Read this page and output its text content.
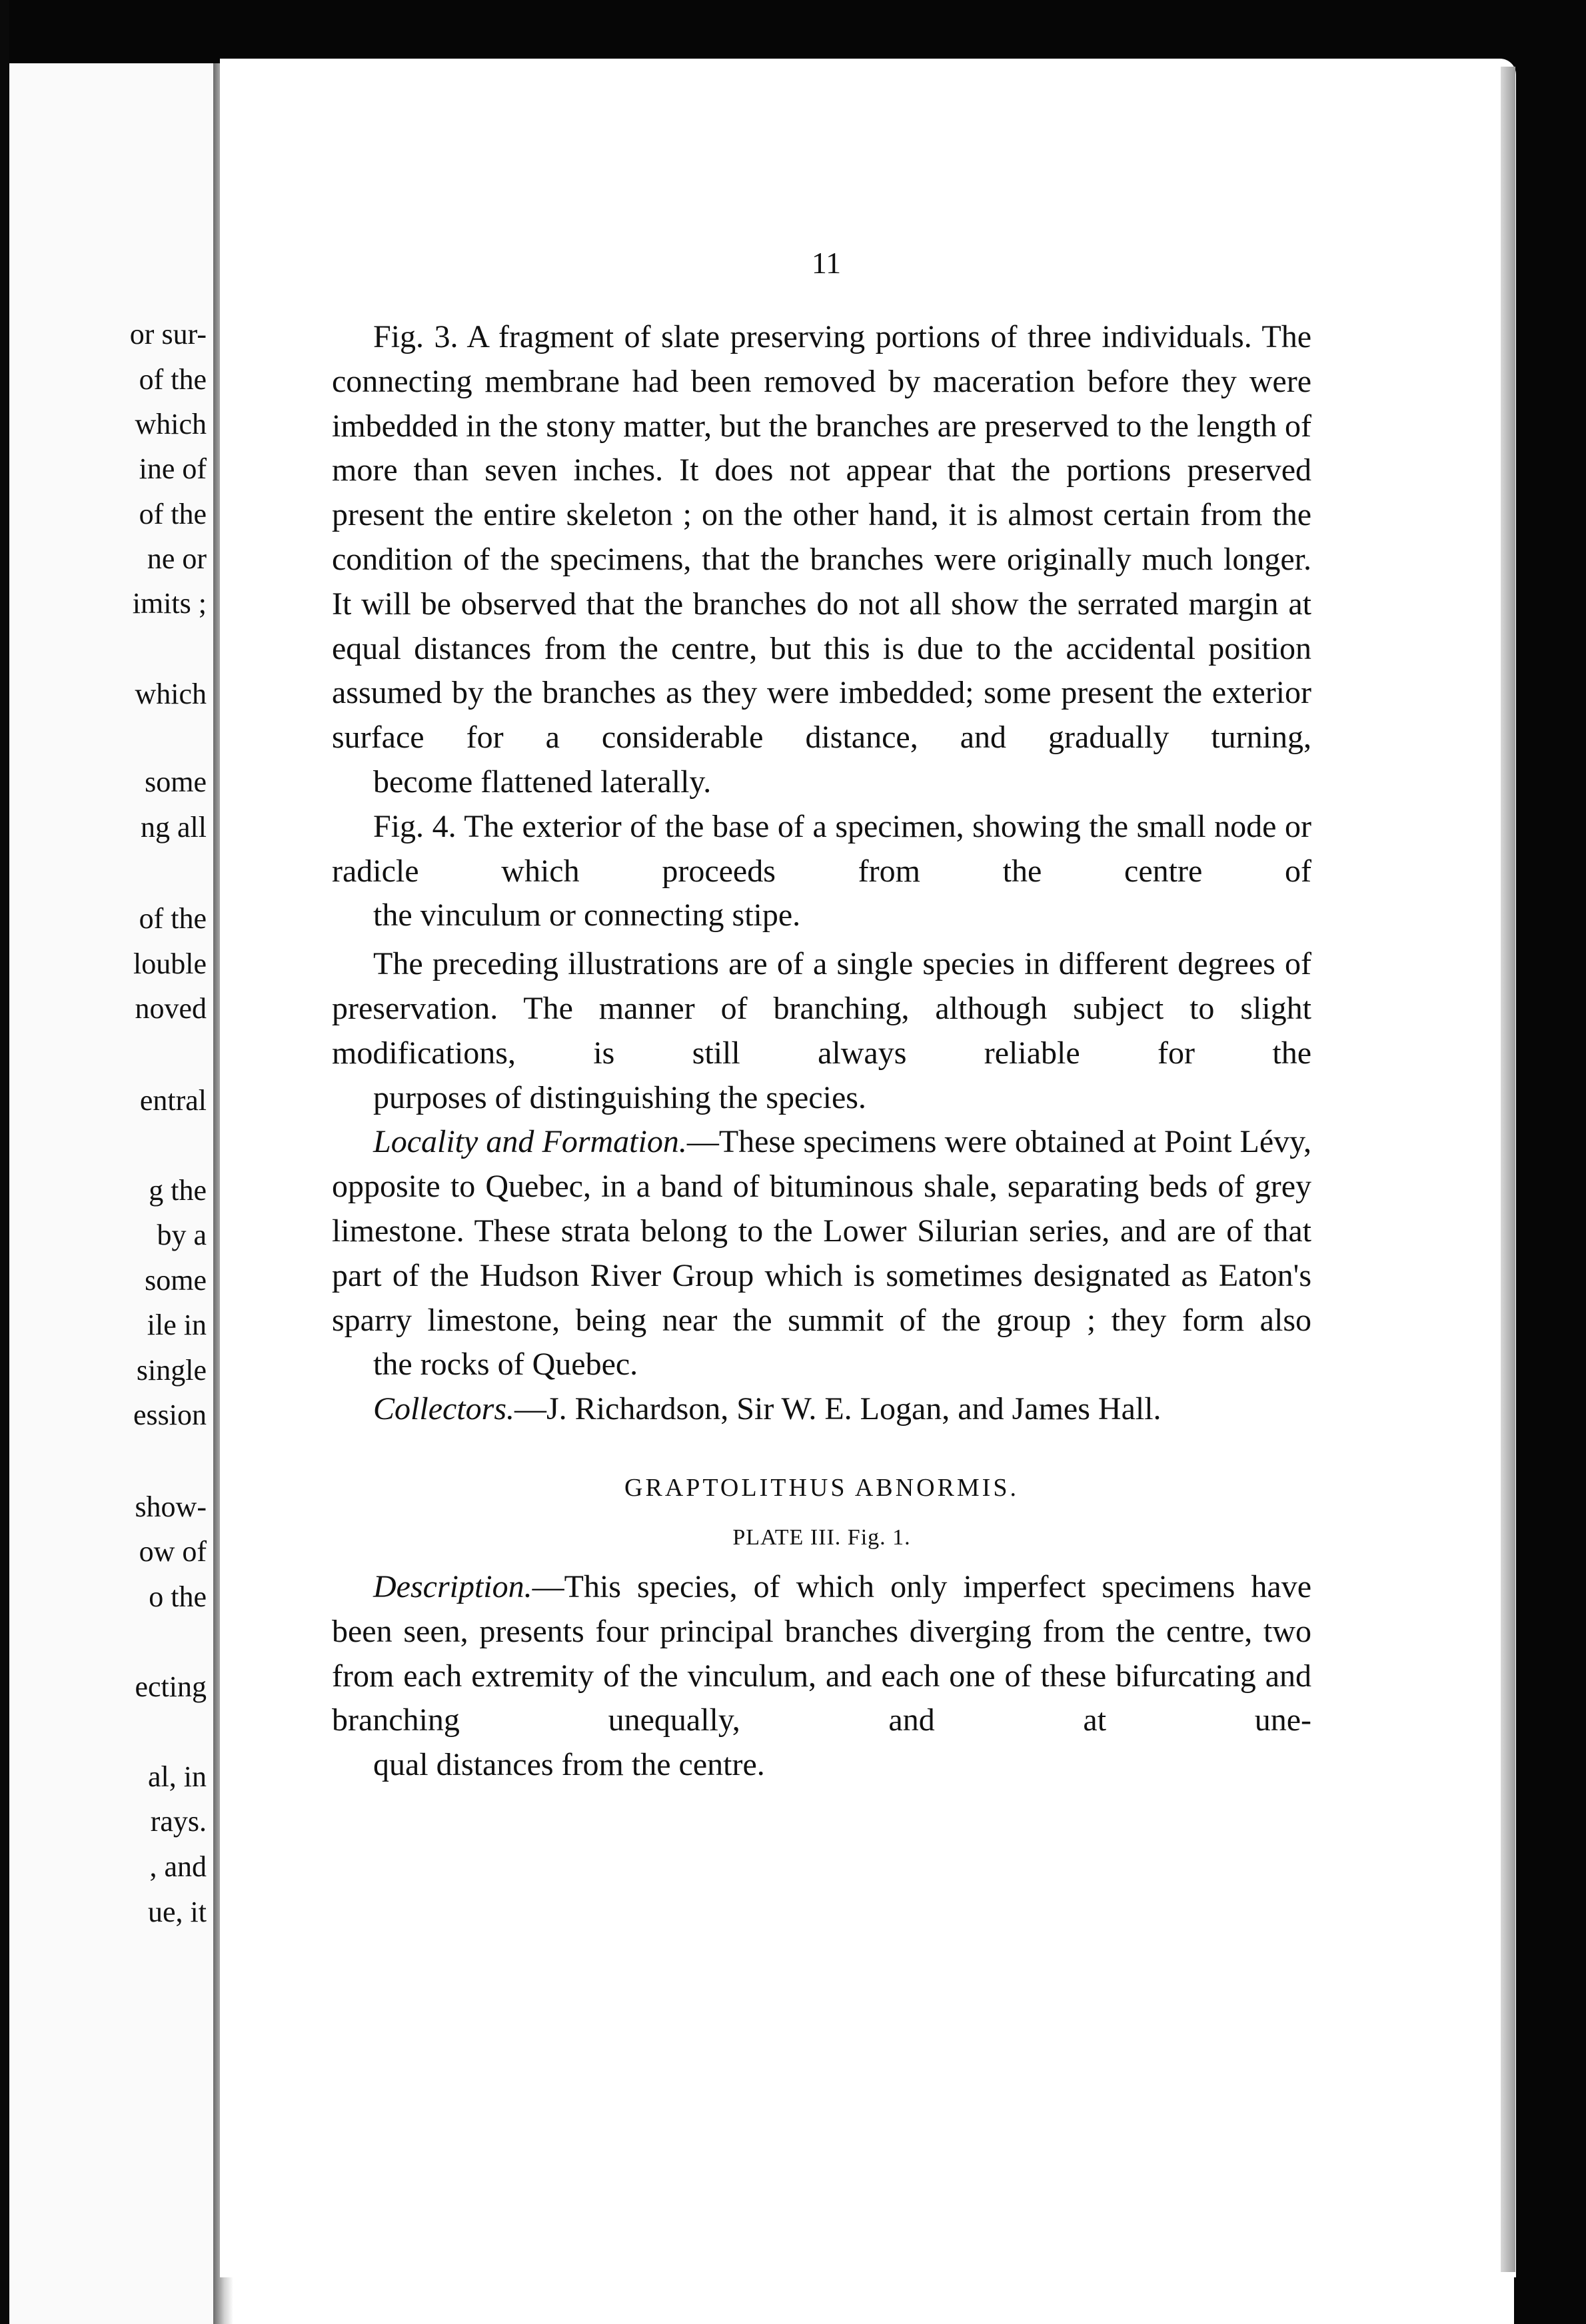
or sur-
of the
which
ine of
of the
ne or
imits ;
which
some
ng all
of the
louble
noved
entral
g the
by a
some
ile in
single
ession
show-
ow of
o the
ecting
al, in
rays.
, and
ue, it
11

Fig. 3. A fragment of slate preserving portions of three individuals. The connecting membrane had been removed by maceration before they were imbedded in the stony matter, but the branches are preserved to the length of more than seven inches. It does not appear that the portions preserved present the entire skeleton ; on the other hand, it is almost certain from the condition of the specimens, that the branches were originally much longer. It will be observed that the branches do not all show the serrated margin at equal distances from the centre, but this is due to the accidental position assumed by the branches as they were imbedded; some present the exterior surface for a considerable distance, and gradually turning,
become flattened laterally.

Fig. 4. The exterior of the base of a specimen, showing the small node or radicle which proceeds from the centre of
the vinculum or connecting stipe.

The preceding illustrations are of a single species in different degrees of preservation. The manner of branching, although subject to slight modifications, is still always reliable for the
purposes of distinguishing the species.

Locality and Formation.—These specimens were obtained at Point Lévy, opposite to Quebec, in a band of bituminous shale, separating beds of grey limestone. These strata belong to the Lower Silurian series, and are of that part of the Hudson River Group which is sometimes designated as Eaton's sparry limestone, being near the summit of the group ; they form also
the rocks of Quebec.

Collectors.—J. Richardson, Sir W. E. Logan, and James Hall.

GRAPTOLITHUS ABNORMIS.

PLATE III. Fig. 1.

Description.—This species, of which only imperfect specimens have been seen, presents four principal branches diverging from the centre, two from each extremity of the vinculum, and each one of these bifurcating and branching unequally, and at une-
qual distances from the centre.
